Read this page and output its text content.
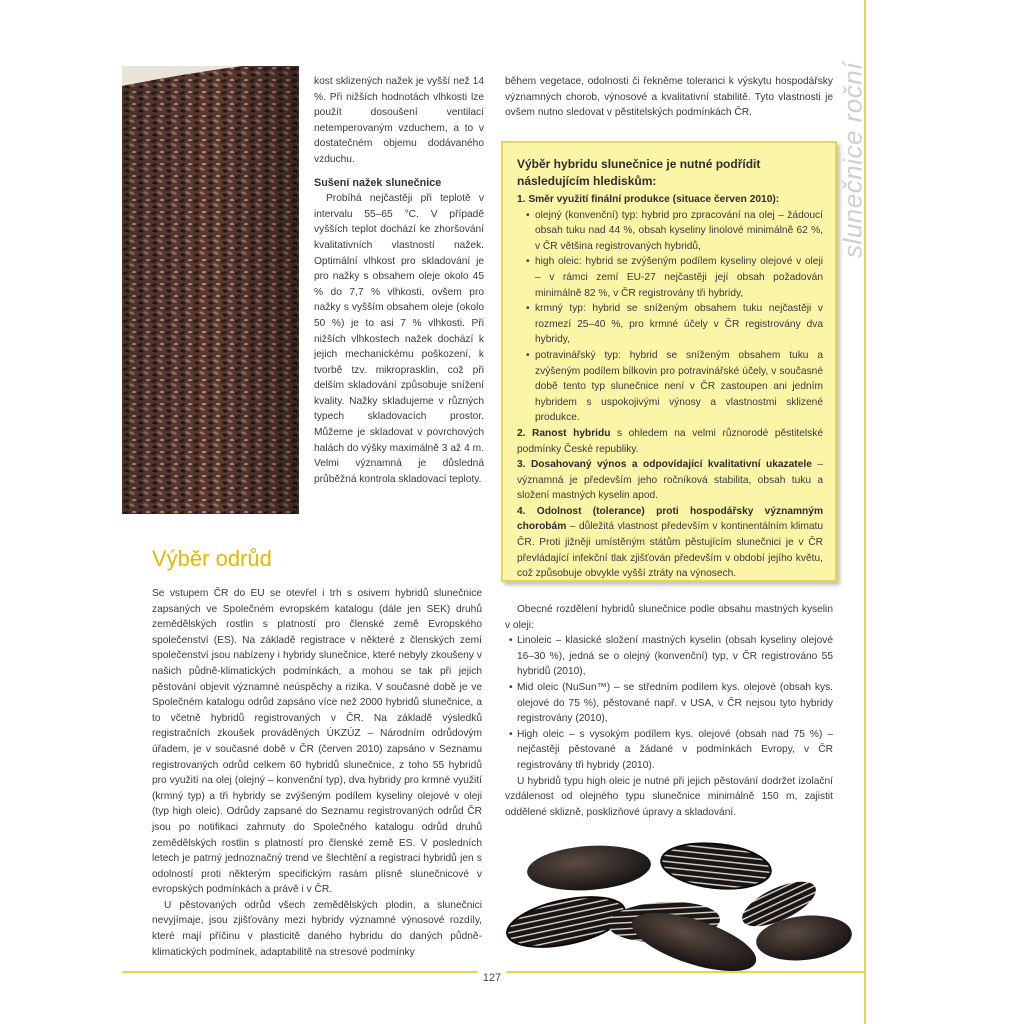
127
slunečnice roční

kost sklizených nažek je vyšší než 14 %. Při nižších hodnotách vlhkosti lze použít dosoušení ventilací netemperovaným vzduchem, a to v dostatečném objemu dodávaného vzduchu.

Sušení nažek slunečnice

Probíhá nejčastěji při teplotě v intervalu 55–65 °C. V případě vyšších teplot dochází ke zhoršování kvalitativních vlastností nažek. Optimální vlhkost pro skladování je pro nažky s obsahem oleje okolo 45 % do 7,7 % vlhkosti, ovšem pro nažky s vyšším obsahem oleje (okolo 50 %) je to asi 7 % vlhkosti. Při nižších vlhkostech nažek dochází k jejich mechanickému poškození, k tvorbě tzv. mikroprasklin, což při delším skladování způsobuje snížení kvality. Nažky skladujeme v různých typech skladovacích prostor. Můžeme je skladovat v povrchových halách do výšky maximálně 3 až 4 m. Velmi významná je důsledná průběžná kontrola skladovací teploty.

během vegetace, odolnosti či řekněme toleranci k výskytu hospodářsky významných chorob, výnosové a kvalitativní stabilitě. Tyto vlastnosti je ovšem nutno sledovat v pěstitelských podmínkách ČR.
Výběr hybridu slunečnice je nutné podřídit následujícím hlediskům:
1. Směr využití finální produkce (situace červen 2010):
• olejný (konvenční) typ: hybrid pro zpracování na olej – žádoucí obsah tuku nad 44 %, obsah kyseliny linolové minimálně 62 %, v ČR většina registrovaných hybridů,
• high oleic: hybrid se zvýšeným podílem kyseliny olejové v oleji – v rámci zemí EU-27 nejčastěji její obsah požadován minimálně 82 %, v ČR registrovány tři hybridy,
• krmný typ: hybrid se sníženým obsahem tuku nejčastěji v rozmezí 25–40 %, pro krmné účely v ČR registrovány dva hybridy,
• potravinářský typ: hybrid se sníženým obsahem tuku a zvýšeným podílem bílkovin pro potravinářské účely, v současné době tento typ slunečnice není v ČR zastoupen ani jedním hybridem s uspokojivými výnosy a vlastnostmi sklizené produkce.
2. Ranost hybridu s ohledem na velmi různorodé pěstitelské podmínky České republiky.
3. Dosahovaný výnos a odpovídající kvalitativní ukazatele – významná je především jeho ročníková stabilita, obsah tuku a složení mastných kyselin apod.
4. Odolnost (tolerance) proti hospodářsky významným chorobám – důležitá vlastnost především v kontinentálním klimatu ČR. Proti jižněji umístěným státům pěstujícím slunečnici je v ČR převládající infekční tlak zjišťován především v období jejího květu, což způsobuje obvykle vyšší ztráty na výnosech.
Výběr odrůd

Se vstupem ČR do EU se otevřel i trh s osivem hybridů slunečnice zapsaných ve Společném evropském katalogu (dále jen SEK) druhů zemědělských rostlin s platností pro členské země Evropského společenství (ES). Na základě registrace v některé z členských zemí společenství jsou nabízeny i hybridy slunečnice, které nebyly zkoušeny v našich půdně-klimatických podmínkách, a mohou se tak při jejich pěstování objevit významné neúspěchy a rizika. V současné době je ve Společném katalogu odrůd zapsáno více než 2000 hybridů slunečnice, a to včetně hybridů registrovaných v ČR. Na základě výsledků registračních zkoušek prováděných ÚKZÚZ – Národním odrůdovým úřadem, je v současné době v ČR (červen 2010) zapsáno v Seznamu registrovaných odrůd celkem 60 hybridů slunečnice, z toho 55 hybridů pro využití na olej (olejný – konvenční typ), dva hybridy pro krmné využití (krmný typ) a tři hybridy se zvýšeným podílem kyseliny olejové v oleji (typ high oleic). Odrůdy zapsané do Seznamu registrovaných odrůd ČR jsou po notifikaci zahrnuty do Společného katalogu odrůd druhů zemědělských rostlin s platností pro členské země ES. V posledních letech je patrný jednoznačný trend ve šlechtění a registraci hybridů jen s odolností proti některým specifickým rasám plísně slunečnicové v evropských podmínkách a právě i v ČR.

U pěstovaných odrůd všech zemědělských plodin, a slunečnici nevyjímaje, jsou zjišťovány mezi hybridy významné výnosové rozdíly, které mají příčinu v plasticitě daného hybridu do daných půdně-klimatických podmínek, adaptabilitě na stresové podmínky

Obecné rozdělení hybridů slunečnice podle obsahu mastných kyselin v oleji:

• Linoleic – klasické složení mastných kyselin (obsah kyseliny olejové 16–30 %), jedná se o olejný (konvenční) typ, v ČR registrováno 55 hybridů (2010),

• Mid oleic (NuSun™) – se středním podílem kys. olejové (obsah kys. olejové do 75 %), pěstované např. v USA, v ČR nejsou tyto hybridy registrovány (2010),

• High oleic – s vysokým podílem kys. olejové (obsah nad 75 %) – nejčastěji pěstované a žádané v podmínkách Evropy, v ČR registrovány tři hybridy (2010).

U hybridů typu high oleic je nutné při jejich pěstování dodržet izolační vzdálenost od olejného typu slunečnice minimálně 150 m, zajistit oddělené sklizně, posklizňové úpravy a skladování.
